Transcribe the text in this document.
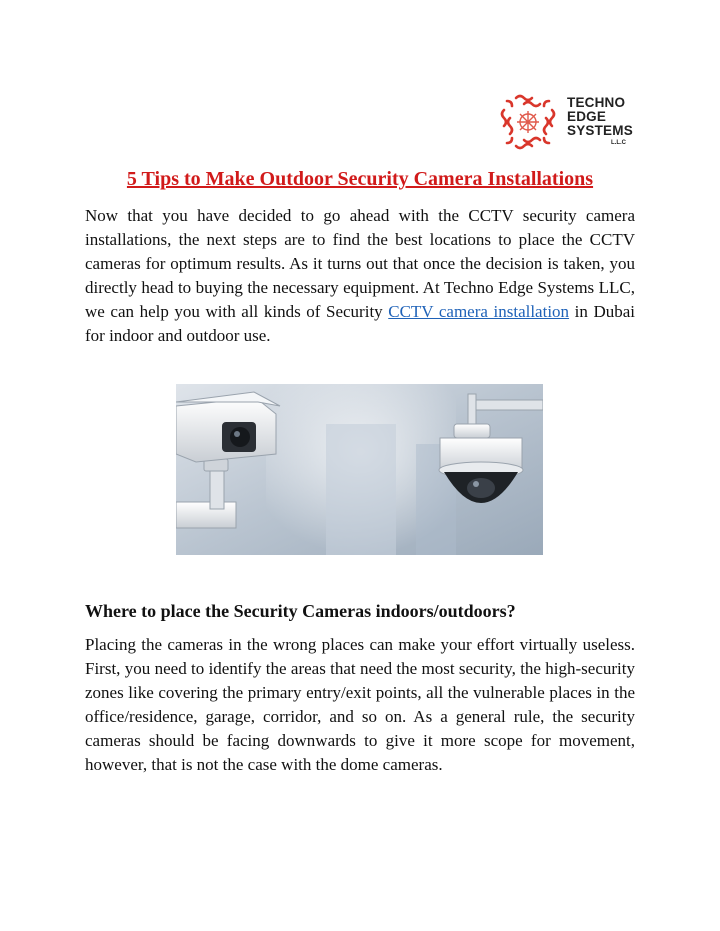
TECHNO
EDGE
SYSTEMS
L.L.C
5 Tips to Make Outdoor Security Camera Installations

Now that you have decided to go ahead with the CCTV security camera installations, the next steps are to find the best locations to place the CCTV cameras for optimum results. As it turns out that once the decision is taken, you directly head to buying the necessary equipment. At Techno Edge Systems LLC, we can help you with all kinds of Security CCTV camera installation in Dubai for indoor and outdoor use.

Where to place the Security Cameras indoors/outdoors?

Placing the cameras in the wrong places can make your effort virtually useless. First, you need to identify the areas that need the most security, the high-security zones like covering the primary entry/exit points, all the vulnerable places in the office/residence, garage, corridor, and so on. As a general rule, the security cameras should be facing downwards to give it more scope for movement, however, that is not the case with the dome cameras.
